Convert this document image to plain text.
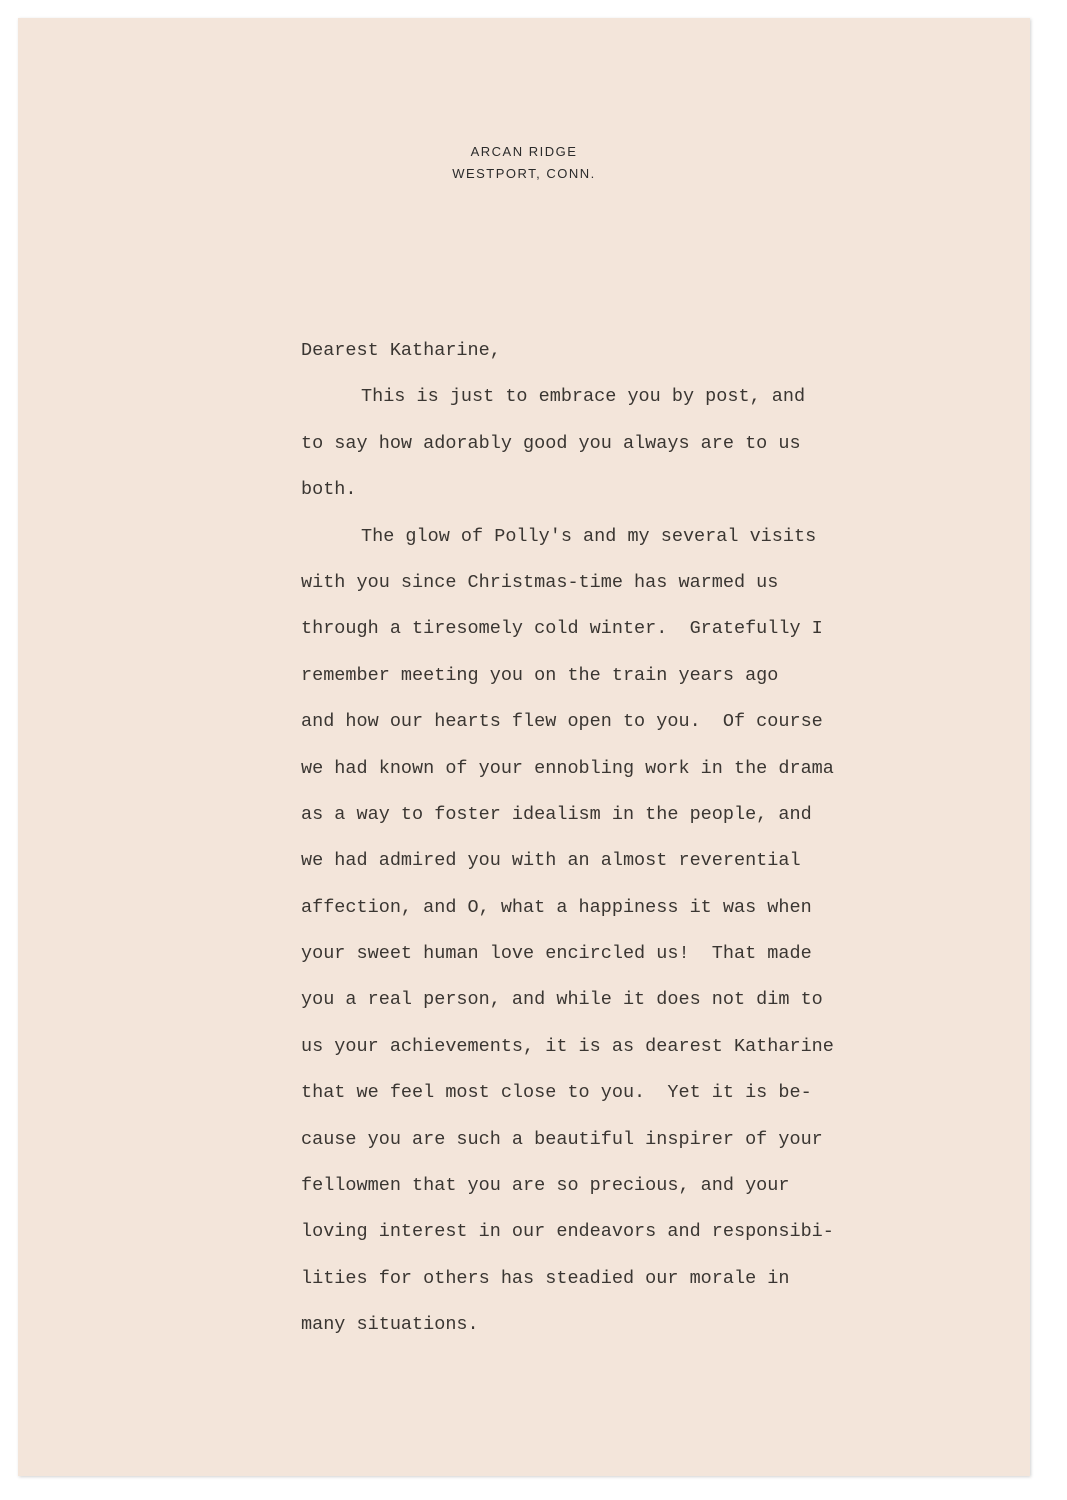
ARCAN RIDGE
WESTPORT, CONN.
Dearest Katharine,
This is just to embrace you by post, and
to say how adorably good you always are to us
both.
The glow of Polly's and my several visits
with you since Christmas-time has warmed us
through a tiresomely cold winter.  Gratefully I
remember meeting you on the train years ago
and how our hearts flew open to you.  Of course
we had known of your ennobling work in the drama
as a way to foster idealism in the people, and
we had admired you with an almost reverential
affection, and O, what a happiness it was when
your sweet human love encircled us!  That made
you a real person, and while it does not dim to
us your achievements, it is as dearest Katharine
that we feel most close to you.  Yet it is be-
cause you are such a beautiful inspirer of your
fellowmen that you are so precious, and your
loving interest in our endeavors and responsibi-
lities for others has steadied our morale in
many situations.
